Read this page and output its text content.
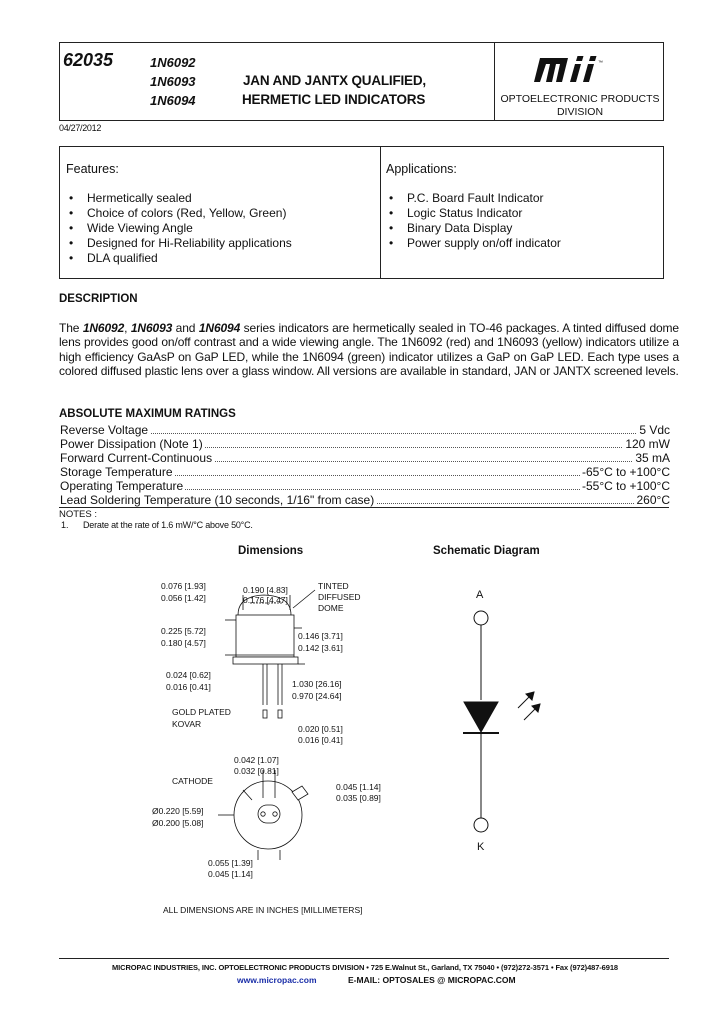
62035	1N6092
1N6093
1N6094
JAN AND JANTX QUALIFIED,
HERMETIC LED INDICATORS
™
OPTOELECTRONIC PRODUCTS
DIVISION
04/27/2012
Features:
• Hermetically sealed
• Choice of colors (Red, Yellow, Green)
• Wide Viewing Angle
• Designed for Hi-Reliability applications
• DLA qualified
Applications:
• P.C. Board Fault Indicator
• Logic Status Indicator
• Binary Data Display
• Power supply on/off indicator
DESCRIPTION
The 1N6092, 1N6093 and 1N6094 series indicators are hermetically sealed in TO-46 packages. A tinted diffused dome lens provides good on/off contrast and a wide viewing angle. The 1N6092 (red) and 1N6093 (yellow) indicators utilize a high efficiency GaAsP on GaP LED, while the 1N6094 (green) indicator utilizes a GaP on GaP LED. Each type uses a colored diffused plastic lens over a glass window. All versions are available in standard, JAN or JANTX screened levels.
ABSOLUTE MAXIMUM RATINGS
Reverse Voltage	5 Vdc
Power Dissipation (Note 1)	120 mW
Forward Current-Continuous	35 mA
Storage Temperature	-65°C to +100°C
Operating Temperature	-55°C to +100°C
Lead Soldering Temperature (10 seconds, 1/16" from case)	260°C
NOTES :
1. Derate at the rate of 1.6 mW/°C above 50°C.
Dimensions	Schematic Diagram
0.076 [1.93]
0.056 [1.42]
0.190 [4.83]
0.176 [4.47]
TINTED
DIFFUSED
DOME
0.225 [5.72]
0.180 [4.57]
0.146 [3.71]
0.142 [3.61]
0.024 [0.62]
0.016 [0.41]	1.030 [26.16]
0.970 [24.64]
GOLD PLATED
KOVAR	0.020 [0.51]
0.016 [0.41]
0.042 [1.07]
0.032 [0.81]
CATHODE
0.045 [1.14]
0.035 [0.89]
Ø0.220 [5.59]
Ø0.200 [5.08]
0.055 [1.39]
0.045 [1.14]
ALL DIMENSIONS ARE IN INCHES [MILLIMETERS]
A
K
MICROPAC INDUSTRIES, INC. OPTOELECTRONIC PRODUCTS DIVISION • 725 E.Walnut St., Garland, TX 75040 • (972)272-3571 • Fax (972)487-6918
www.micropac.com	E-MAIL: OPTOSALES @ MICROPAC.COM
